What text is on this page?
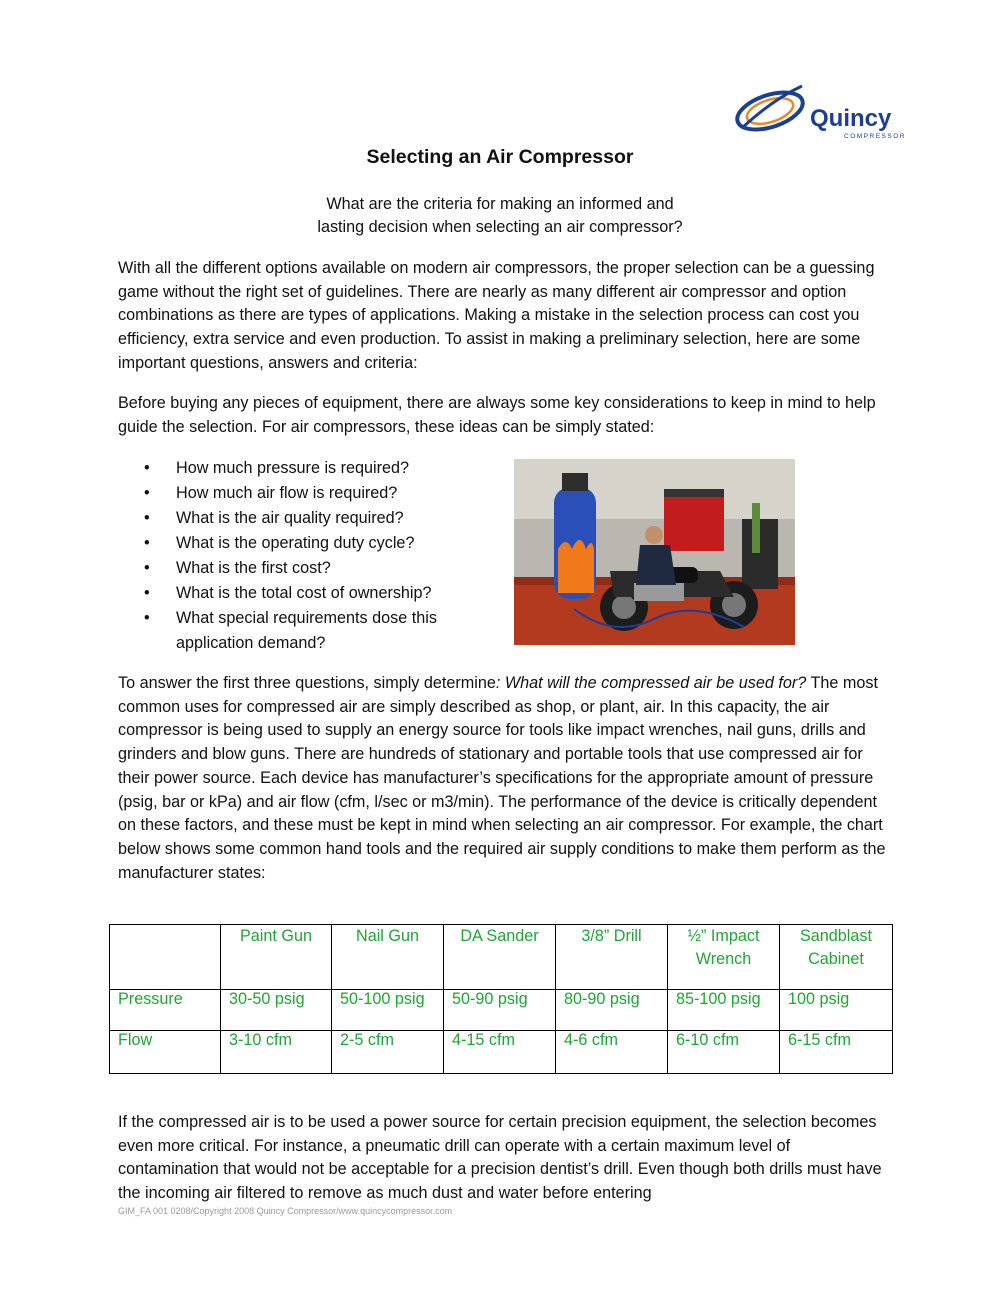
Quincy
COMPRESSOR
Selecting an Air Compressor

What are the criteria for making an informed and
lasting decision when selecting an air compressor?

With all the different options available on modern air compressors, the proper selection can be a guessing game without the right set of guidelines. There are nearly as many different air compressor and option combinations as there are types of applications. Making a mistake in the selection process can cost you efficiency, extra service and even production. To assist in making a preliminary selection, here are some important questions, answers and criteria:

Before buying any pieces of equipment, there are always some key considerations to keep in mind to help guide the selection. For air compressors, these ideas can be simply stated:

• How much pressure is required?
• How much air flow is required?
• What is the air quality required?
• What is the operating duty cycle?
• What is the first cost?
• What is the total cost of ownership?
• What special requirements dose this application demand?

To answer the first three questions, simply determine: What will the compressed air be used for? The most common uses for compressed air are simply described as shop, or plant, air. In this capacity, the air compressor is being used to supply an energy source for tools like impact wrenches, nail guns, drills and grinders and blow guns. There are hundreds of stationary and portable tools that use compressed air for their power source. Each device has manufacturer’s specifications for the appropriate amount of pressure (psig, bar or kPa) and air flow (cfm, l/sec or m3/min). The performance of the device is critically dependent on these factors, and these must be kept in mind when selecting an air compressor. For example, the chart below shows some common hand tools and the required air supply conditions to make them perform as the manufacturer states:

	Paint Gun	Nail Gun	DA Sander	3/8” Drill	½” Impact Wrench	Sandblast Cabinet
Pressure	30-50 psig	50-100 psig	50-90 psig	80-90 psig	85-100 psig	100 psig
Flow	3-10 cfm	2-5 cfm	4-15 cfm	4-6 cfm	6-10 cfm	6-15 cfm

If the compressed air is to be used a power source for certain precision equipment, the selection becomes even more critical. For instance, a pneumatic drill can operate with a certain maximum level of contamination that would not be acceptable for a precision dentist’s drill. Even though both drills must have the incoming air filtered to remove as much dust and water before entering

GIM_FA 001 0208/Copyright 2008 Quincy Compressor/www.quincycompressor.com
